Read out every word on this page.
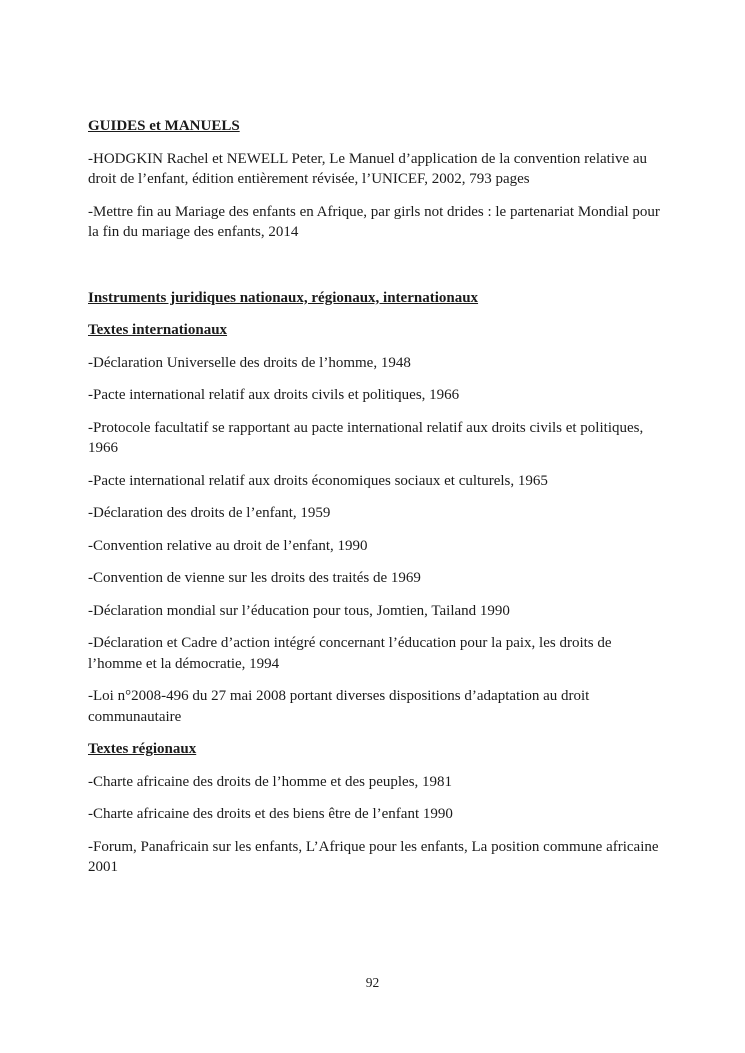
GUIDES et MANUELS

-HODGKIN Rachel et NEWELL Peter, Le Manuel d’application de la convention relative au droit de l’enfant, édition entièrement révisée, l’UNICEF, 2002, 793 pages

-Mettre fin au Mariage des enfants en Afrique, par girls not drides : le partenariat Mondial pour la fin du mariage des enfants, 2014

Instruments juridiques nationaux, régionaux, internationaux
Textes internationaux

-Déclaration Universelle des droits de l’homme, 1948

-Pacte international relatif aux droits civils et politiques, 1966

-Protocole facultatif se rapportant au pacte international relatif aux droits civils et politiques, 1966

-Pacte international relatif aux droits économiques sociaux et culturels, 1965

-Déclaration des droits de l’enfant, 1959

-Convention relative au droit de l’enfant, 1990

-Convention de vienne sur les droits des traités de 1969

-Déclaration mondial sur l’éducation pour tous, Jomtien, Tailand 1990

-Déclaration et Cadre d’action intégré concernant l’éducation pour la paix, les droits de l’homme et la démocratie, 1994

-Loi n°2008-496 du 27 mai 2008 portant diverses dispositions d’adaptation au droit communautaire

Textes régionaux

-Charte africaine des droits de l’homme et des peuples, 1981

-Charte africaine des droits et des biens être de l’enfant 1990

-Forum, Panafricain sur les enfants, L’Afrique pour les enfants, La position commune africaine 2001

92
